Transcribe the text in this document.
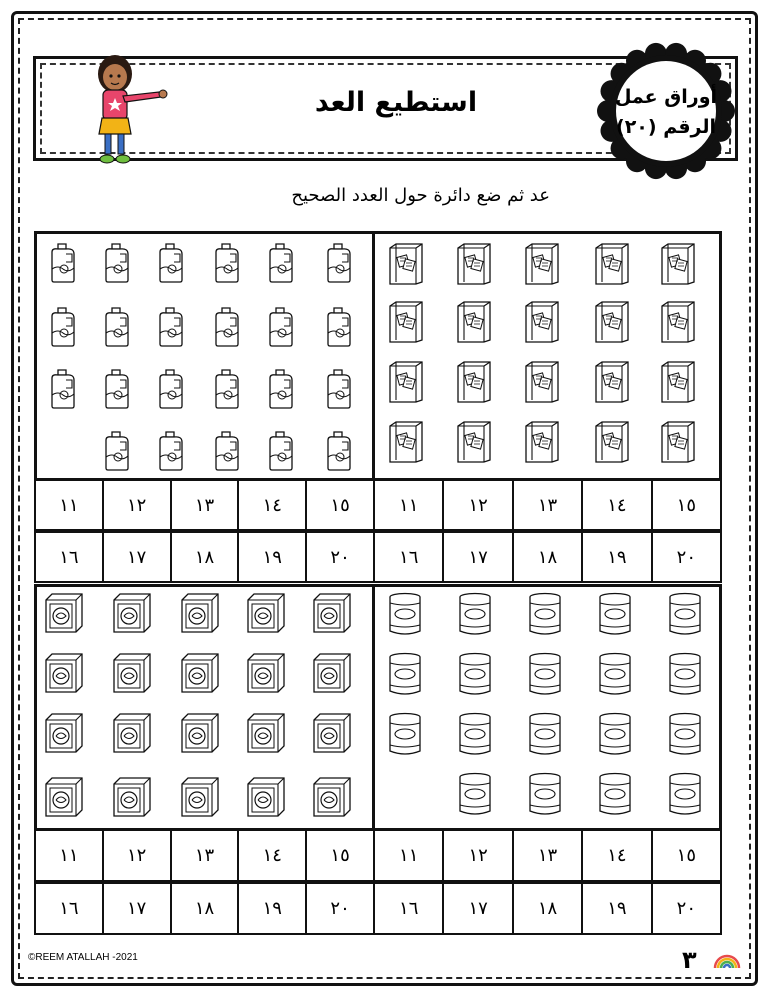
استطيع العد	أوراق عمل
الرقم (٢٠)
عد ثم ضع دائرة حول العدد الصحيح
١١	١٢	١٣	١٤	١٥	١١	١٢	١٣	١٤	١٥
١٦	١٧	١٨	١٩	٢٠	١٦	١٧	١٨	١٩	٢٠
١١	١٢	١٣	١٤	١٥	١١	١٢	١٣	١٤	١٥
١٦	١٧	١٨	١٩	٢٠	١٦	١٧	١٨	١٩	٢٠
©REEM ATALLAH -2021	٣
